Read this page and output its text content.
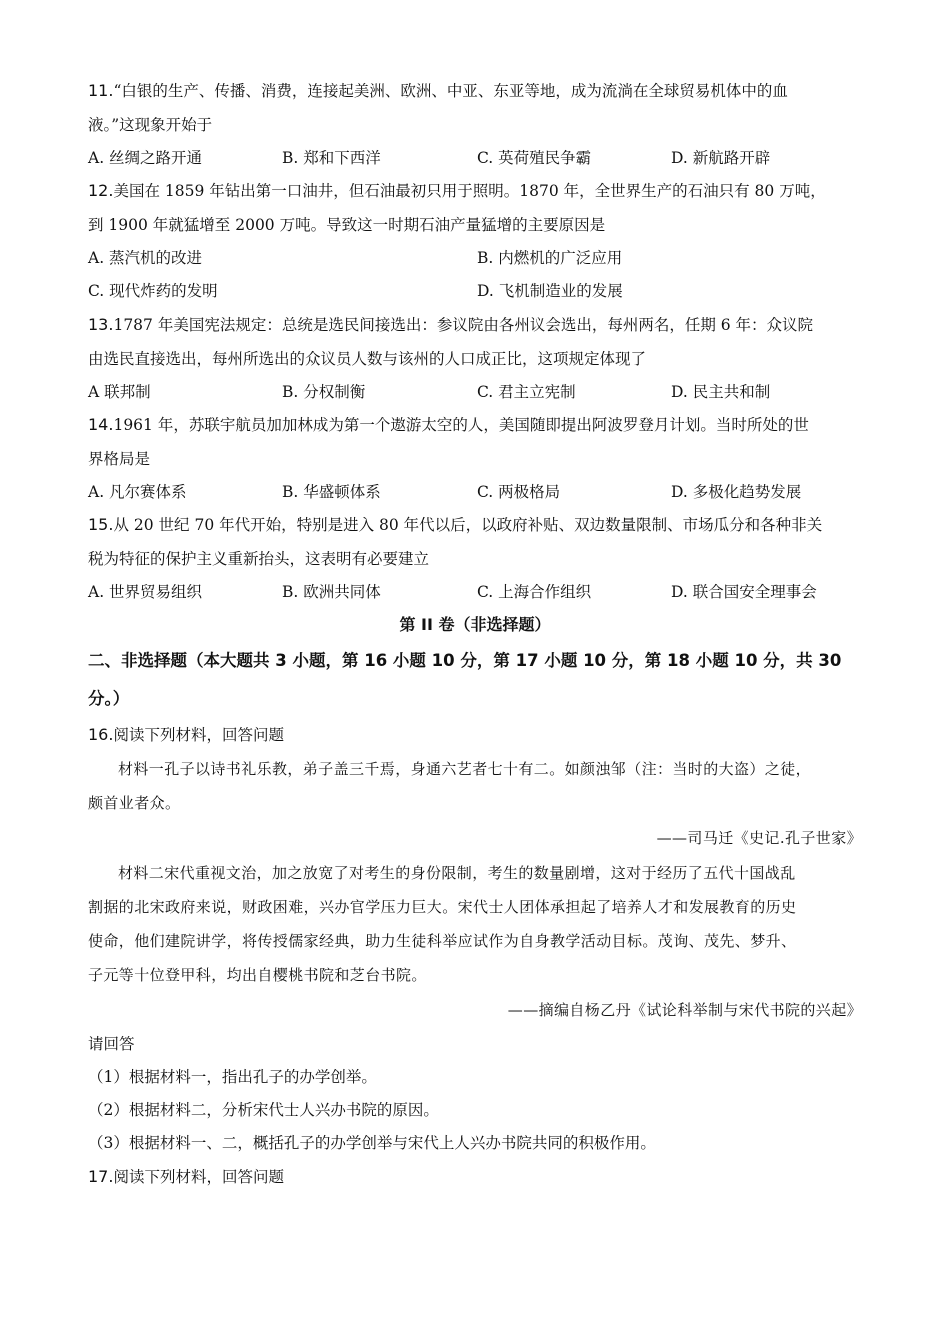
11.“白银的生产、传播、消费，连接起美洲、欧洲、中亚、东亚等地，成为流淌在全球贸易机体中的血
液。”这现象开始于
A. 丝绸之路开通	B. 郑和下西洋	C. 英荷殖民争霸	D. 新航路开辟
12.美国在 1859 年钻出第一口油井，但石油最初只用于照明。1870 年，全世界生产的石油只有 80 万吨，
到 1900 年就猛增至 2000 万吨。导致这一时期石油产量猛增的主要原因是
A. 蒸汽机的改进	B. 内燃机的广泛应用
C. 现代炸药的发明	D. 飞机制造业的发展
13.1787 年美国宪法规定：总统是选民间接选出：参议院由各州议会选出，每州两名，任期 6 年：众议院
由选民直接选出，每州所选出的众议员人数与该州的人口成正比，这项规定体现了
A 联邦制	B. 分权制衡	C. 君主立宪制	D. 民主共和制
14.1961 年，苏联宇航员加加林成为第一个遨游太空的人，美国随即提出阿波罗登月计划。当时所处的世
界格局是
A. 凡尔赛体系	B. 华盛顿体系	C. 两极格局	D. 多极化趋势发展
15.从 20 世纪 70 年代开始，特别是进入 80 年代以后，以政府补贴、双边数量限制、市场瓜分和各种非关
税为特征的保护主义重新抬头，这表明有必要建立
A. 世界贸易组织	B. 欧洲共同体	C. 上海合作组织	D. 联合国安全理事会
第 II 卷（非选择题）
二、非选择题（本大题共 3 小题，第 16 小题 10 分，第 17 小题 10 分，第 18 小题 10 分，共 30
分。）
16.阅读下列材料，回答问题
材料一孔子以诗书礼乐教，弟子盖三千焉，身通六艺者七十有二。如颜浊邹（注：当时的大盗）之徒，
颇首业者众。
——司马迁《史记.孔子世家》
材料二宋代重视文治，加之放宽了对考生的身份限制，考生的数量剧增，这对于经历了五代十国战乱
割据的北宋政府来说，财政困难，兴办官学压力巨大。宋代士人团体承担起了培养人才和发展教育的历史
使命，他们建院讲学，将传授儒家经典，助力生徒科举应试作为自身教学活动目标。茂询、茂先、梦升、
子元等十位登甲科，均出自樱桃书院和芝台书院。
——摘编自杨乙丹《试论科举制与宋代书院的兴起》
请回答
（1）根据材料一，指出孔子的办学创举。
（2）根据材料二，分析宋代士人兴办书院的原因。
（3）根据材料一、二，概括孔子的办学创举与宋代上人兴办书院共同的积极作用。
17.阅读下列材料，回答问题
